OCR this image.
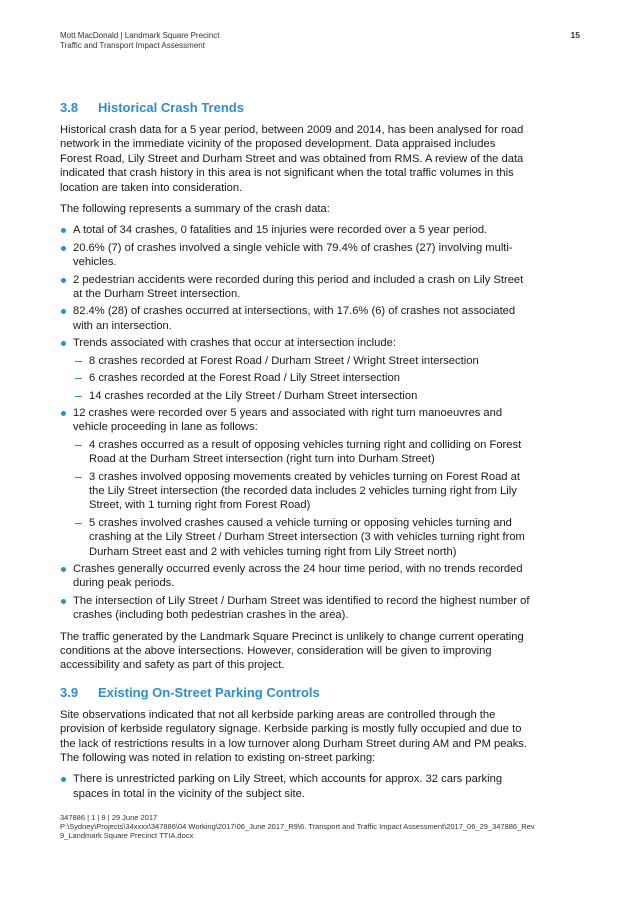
Mott MacDonald | Landmark Square Precinct
Traffic and Transport Impact Assessment
15
3.8 Historical Crash Trends

Historical crash data for a 5 year period, between 2009 and 2014, has been analysed for road network in the immediate vicinity of the proposed development. Data appraised includes Forest Road, Lily Street and Durham Street and was obtained from RMS. A review of the data indicated that crash history in this area is not significant when the total traffic volumes in this location are taken into consideration.

The following represents a summary of the crash data:

A total of 34 crashes, 0 fatalities and 15 injuries were recorded over a 5 year period.
20.6% (7) of crashes involved a single vehicle with 79.4% of crashes (27) involving multi-vehicles.
2 pedestrian accidents were recorded during this period and included a crash on Lily Street at the Durham Street intersection.
82.4% (28) of crashes occurred at intersections, with 17.6% (6) of crashes not associated with an intersection.
Trends associated with crashes that occur at intersection include:
8 crashes recorded at Forest Road / Durham Street / Wright Street intersection
6 crashes recorded at the Forest Road / Lily Street intersection
14 crashes recorded at the Lily Street / Durham Street intersection
12 crashes were recorded over 5 years and associated with right turn manoeuvres and vehicle proceeding in lane as follows:
4 crashes occurred as a result of opposing vehicles turning right and colliding on Forest Road at the Durham Street intersection (right turn into Durham Street)
3 crashes involved opposing movements created by vehicles turning on Forest Road at the Lily Street intersection (the recorded data includes 2 vehicles turning right from Lily Street, with 1 turning right from Forest Road)
5 crashes involved crashes caused a vehicle turning or opposing vehicles turning and crashing at the Lily Street / Durham Street intersection (3 with vehicles turning right from Durham Street east and 2 with vehicles turning right from Lily Street north)
Crashes generally occurred evenly across the 24 hour time period, with no trends recorded during peak periods.
The intersection of Lily Street / Durham Street was identified to record the highest number of crashes (including both pedestrian crashes in the area).

The traffic generated by the Landmark Square Precinct is unlikely to change current operating conditions at the above intersections. However, consideration will be given to improving accessibility and safety as part of this project.

3.9 Existing On-Street Parking Controls

Site observations indicated that not all kerbside parking areas are controlled through the provision of kerbside regulatory signage. Kerbside parking is mostly fully occupied and due to the lack of restrictions results in a low turnover along Durham Street during AM and PM peaks. The following was noted in relation to existing on-street parking:

There is unrestricted parking on Lily Street, which accounts for approx. 32 cars parking spaces in total in the vicinity of the subject site.
347886 | 1 | 9 | 29 June 2017
P:\Sydney\Projects\34xxxx\347886\04 Working\2017\06_June 2017_R9\6. Transport and Traffic Impact Assessment\2017_06_29_347886_Rev 9_Landmark Square Precinct TTIA.docx
